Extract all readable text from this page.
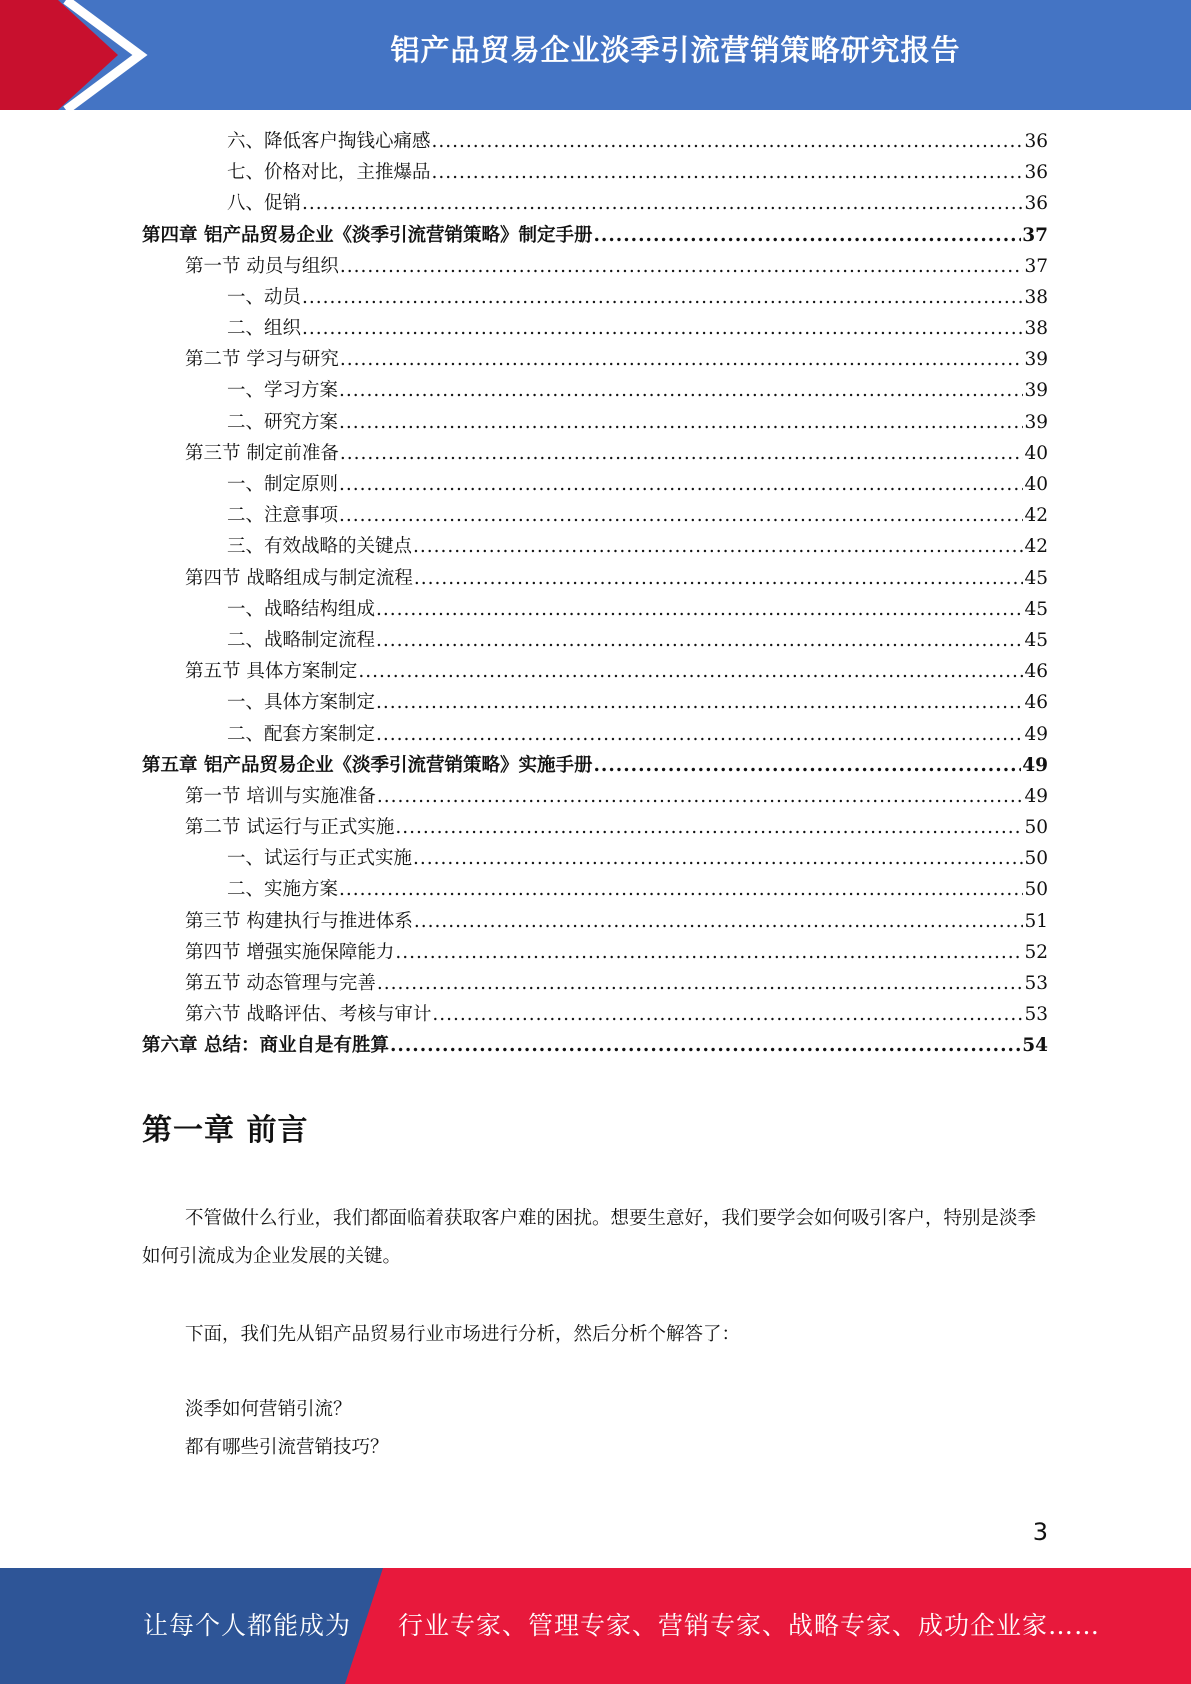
铝产品贸易企业淡季引流营销策略研究报告
六、降低客户掏钱心痛感 .....	36
七、价格对比，主推爆品 .....	36
八、促销 .....	36
第四章 铝产品贸易企业《淡季引流营销策略》制定手册 .....	37
第一节 动员与组织 .....	37
一、动员 .....	38
二、组织 .....	38
第二节 学习与研究 .....	39
一、学习方案 .....	39
二、研究方案 .....	39
第三节 制定前准备 .....	40
一、制定原则 .....	40
二、注意事项 .....	42
三、有效战略的关键点 .....	42
第四节 战略组成与制定流程 .....	45
一、战略结构组成 .....	45
二、战略制定流程 .....	45
第五节 具体方案制定 .....	46
一、具体方案制定 .....	46
二、配套方案制定 .....	49
第五章 铝产品贸易企业《淡季引流营销策略》实施手册 .....	49
第一节 培训与实施准备 .....	49
第二节 试运行与正式实施 .....	50
一、试运行与正式实施 .....	50
二、实施方案 .....	50
第三节 构建执行与推进体系 .....	51
第四节 增强实施保障能力 .....	52
第五节 动态管理与完善 .....	53
第六节 战略评估、考核与审计 .....	53
第六章 总结：商业自是有胜算 .....	54
第一章 前言

不管做什么行业，我们都面临着获取客户难的困扰。想要生意好，我们要学会如何吸引客户，特别是淡季如何引流成为企业发展的关键。

下面，我们先从铝产品贸易行业市场进行分析，然后分析个解答了：

淡季如何营销引流？

都有哪些引流营销技巧？

3
让每个人都能成为 行业专家、管理专家、营销专家、战略专家、成功企业家……
